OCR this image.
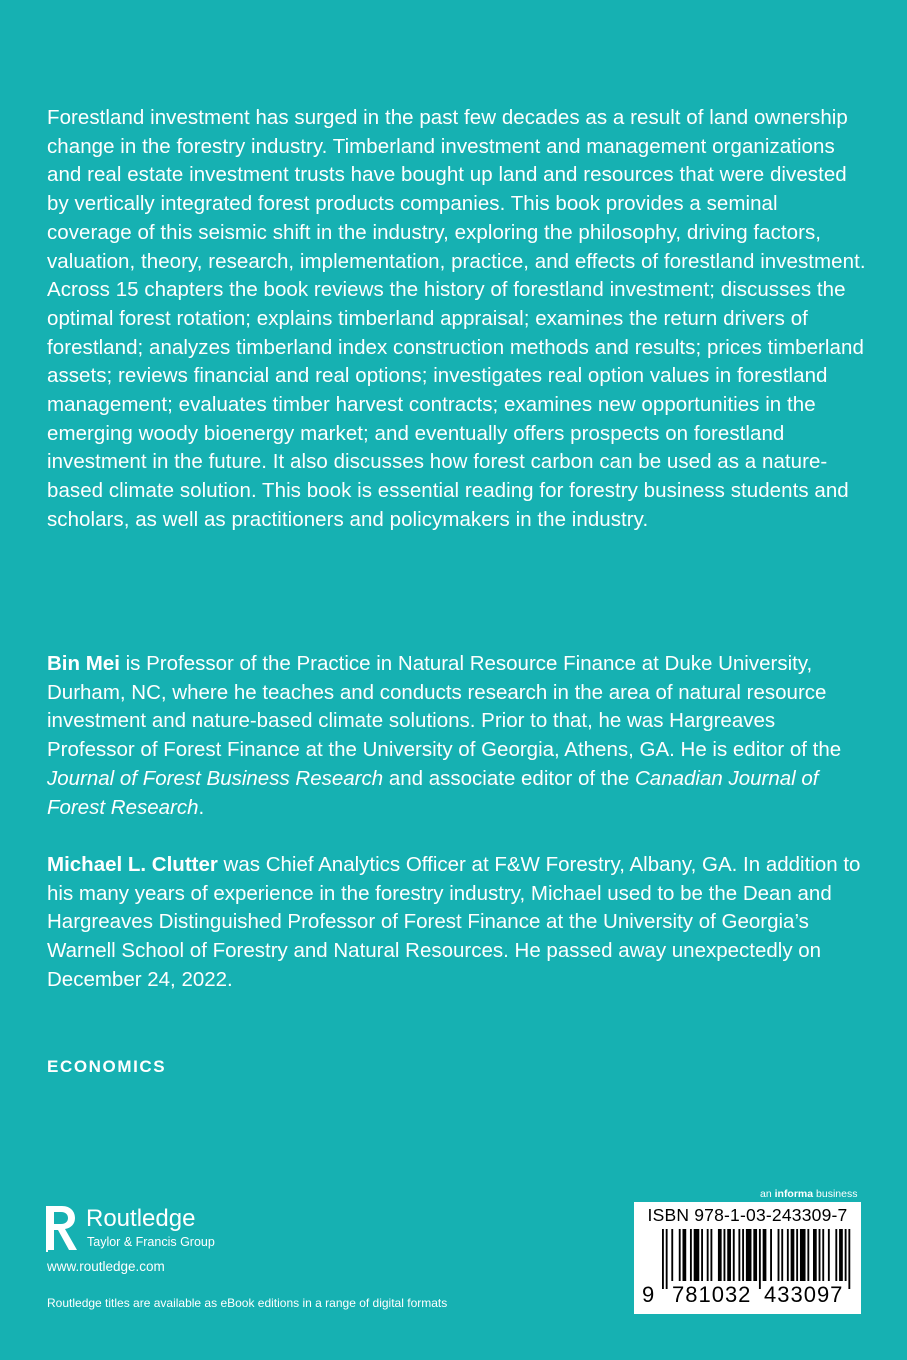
Forestland investment has surged in the past few decades as a result of land ownership change in the forestry industry. Timberland investment and management organizations and real estate investment trusts have bought up land and resources that were divested by vertically integrated forest products companies. This book provides a seminal coverage of this seismic shift in the industry, exploring the philosophy, driving factors, valuation, theory, research, implementation, practice, and effects of forestland investment. Across 15 chapters the book reviews the history of forestland investment; discusses the optimal forest rotation; explains timberland appraisal; examines the return drivers of forestland; analyzes timberland index construction methods and results; prices timberland assets; reviews financial and real options; investigates real option values in forestland management; evaluates timber harvest contracts; examines new opportunities in the emerging woody bioenergy market; and eventually offers prospects on forestland investment in the future. It also discusses how forest carbon can be used as a nature-based climate solution. This book is essential reading for forestry business students and scholars, as well as practitioners and policymakers in the industry.

Bin Mei is Professor of the Practice in Natural Resource Finance at Duke University, Durham, NC, where he teaches and conducts research in the area of natural resource investment and nature-based climate solutions. Prior to that, he was Hargreaves Professor of Forest Finance at the University of Georgia, Athens, GA. He is editor of the Journal of Forest Business Research and associate editor of the Canadian Journal of Forest Research.

Michael L. Clutter was Chief Analytics Officer at F&W Forestry, Albany, GA. In addition to his many years of experience in the forestry industry, Michael used to be the Dean and Hargreaves Distinguished Professor of Forest Finance at the University of Georgia’s Warnell School of Forestry and Natural Resources. He passed away unexpectedly on December 24, 2022.

ECONOMICS
Routledge
Taylor & Francis Group
www.routledge.com
Routledge titles are available as eBook editions in a range of digital formats
an informa business
ISBN 978-1-03-243309-7
9 781032 433097
